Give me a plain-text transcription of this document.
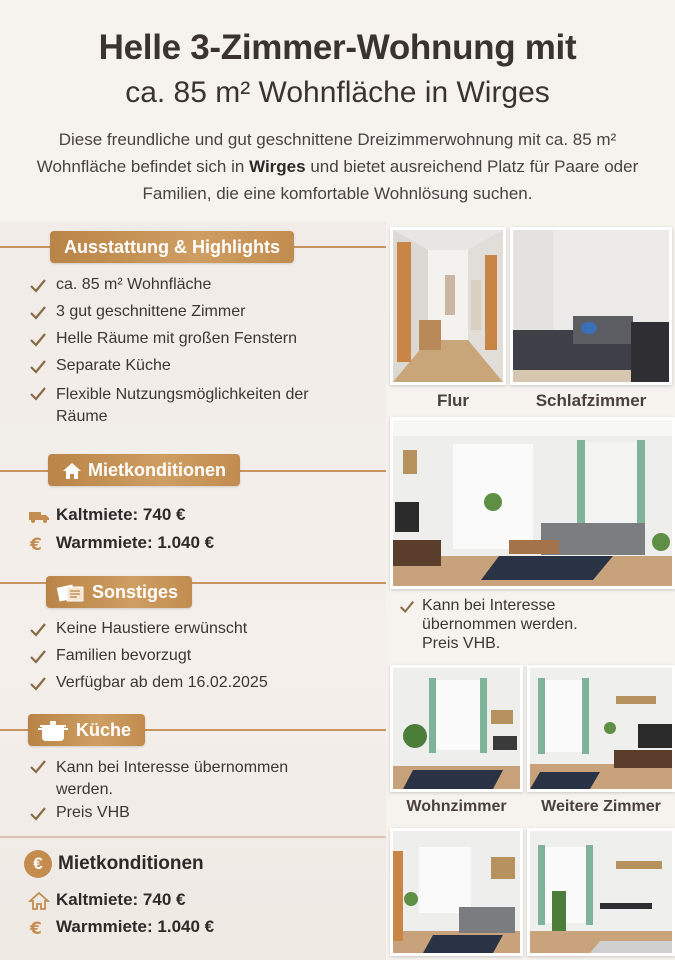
Helle 3-Zimmer-Wohnung mit
ca. 85 m² Wohnfläche in Wirges

Diese freundliche und gut geschnittene Dreizimmerwohnung mit ca. 85 m² Wohnfläche befindet sich in Wirges und bietet ausreichend Platz für Paare oder Familien, die eine komfortable Wohnlösung suchen.

Ausstattung & Highlights
ca. 85 m² Wohnfläche
3 gut geschnittene Zimmer
Helle Räume mit großen Fenstern
Separate Küche
Flexible Nutzungsmöglichkeiten der Räume
Mietkonditionen
Kaltmiete: 740 €
€ Warmmiete: 1.040 €
Sonstiges
Keine Haustiere erwünscht
Familien bevorzugt
Verfügbar ab dem 16.02.2025
Küche
Kann bei Interesse übernommen werden.
Preis VHB
€ Mietkonditionen
Kaltmiete: 740 €
€ Warmmiete: 1.040 €
Flur	Schlafzimmer
Kann bei Interesse
übernommen werden.
Preis VHB.
Wohnzimmer	Weitere Zimmer
